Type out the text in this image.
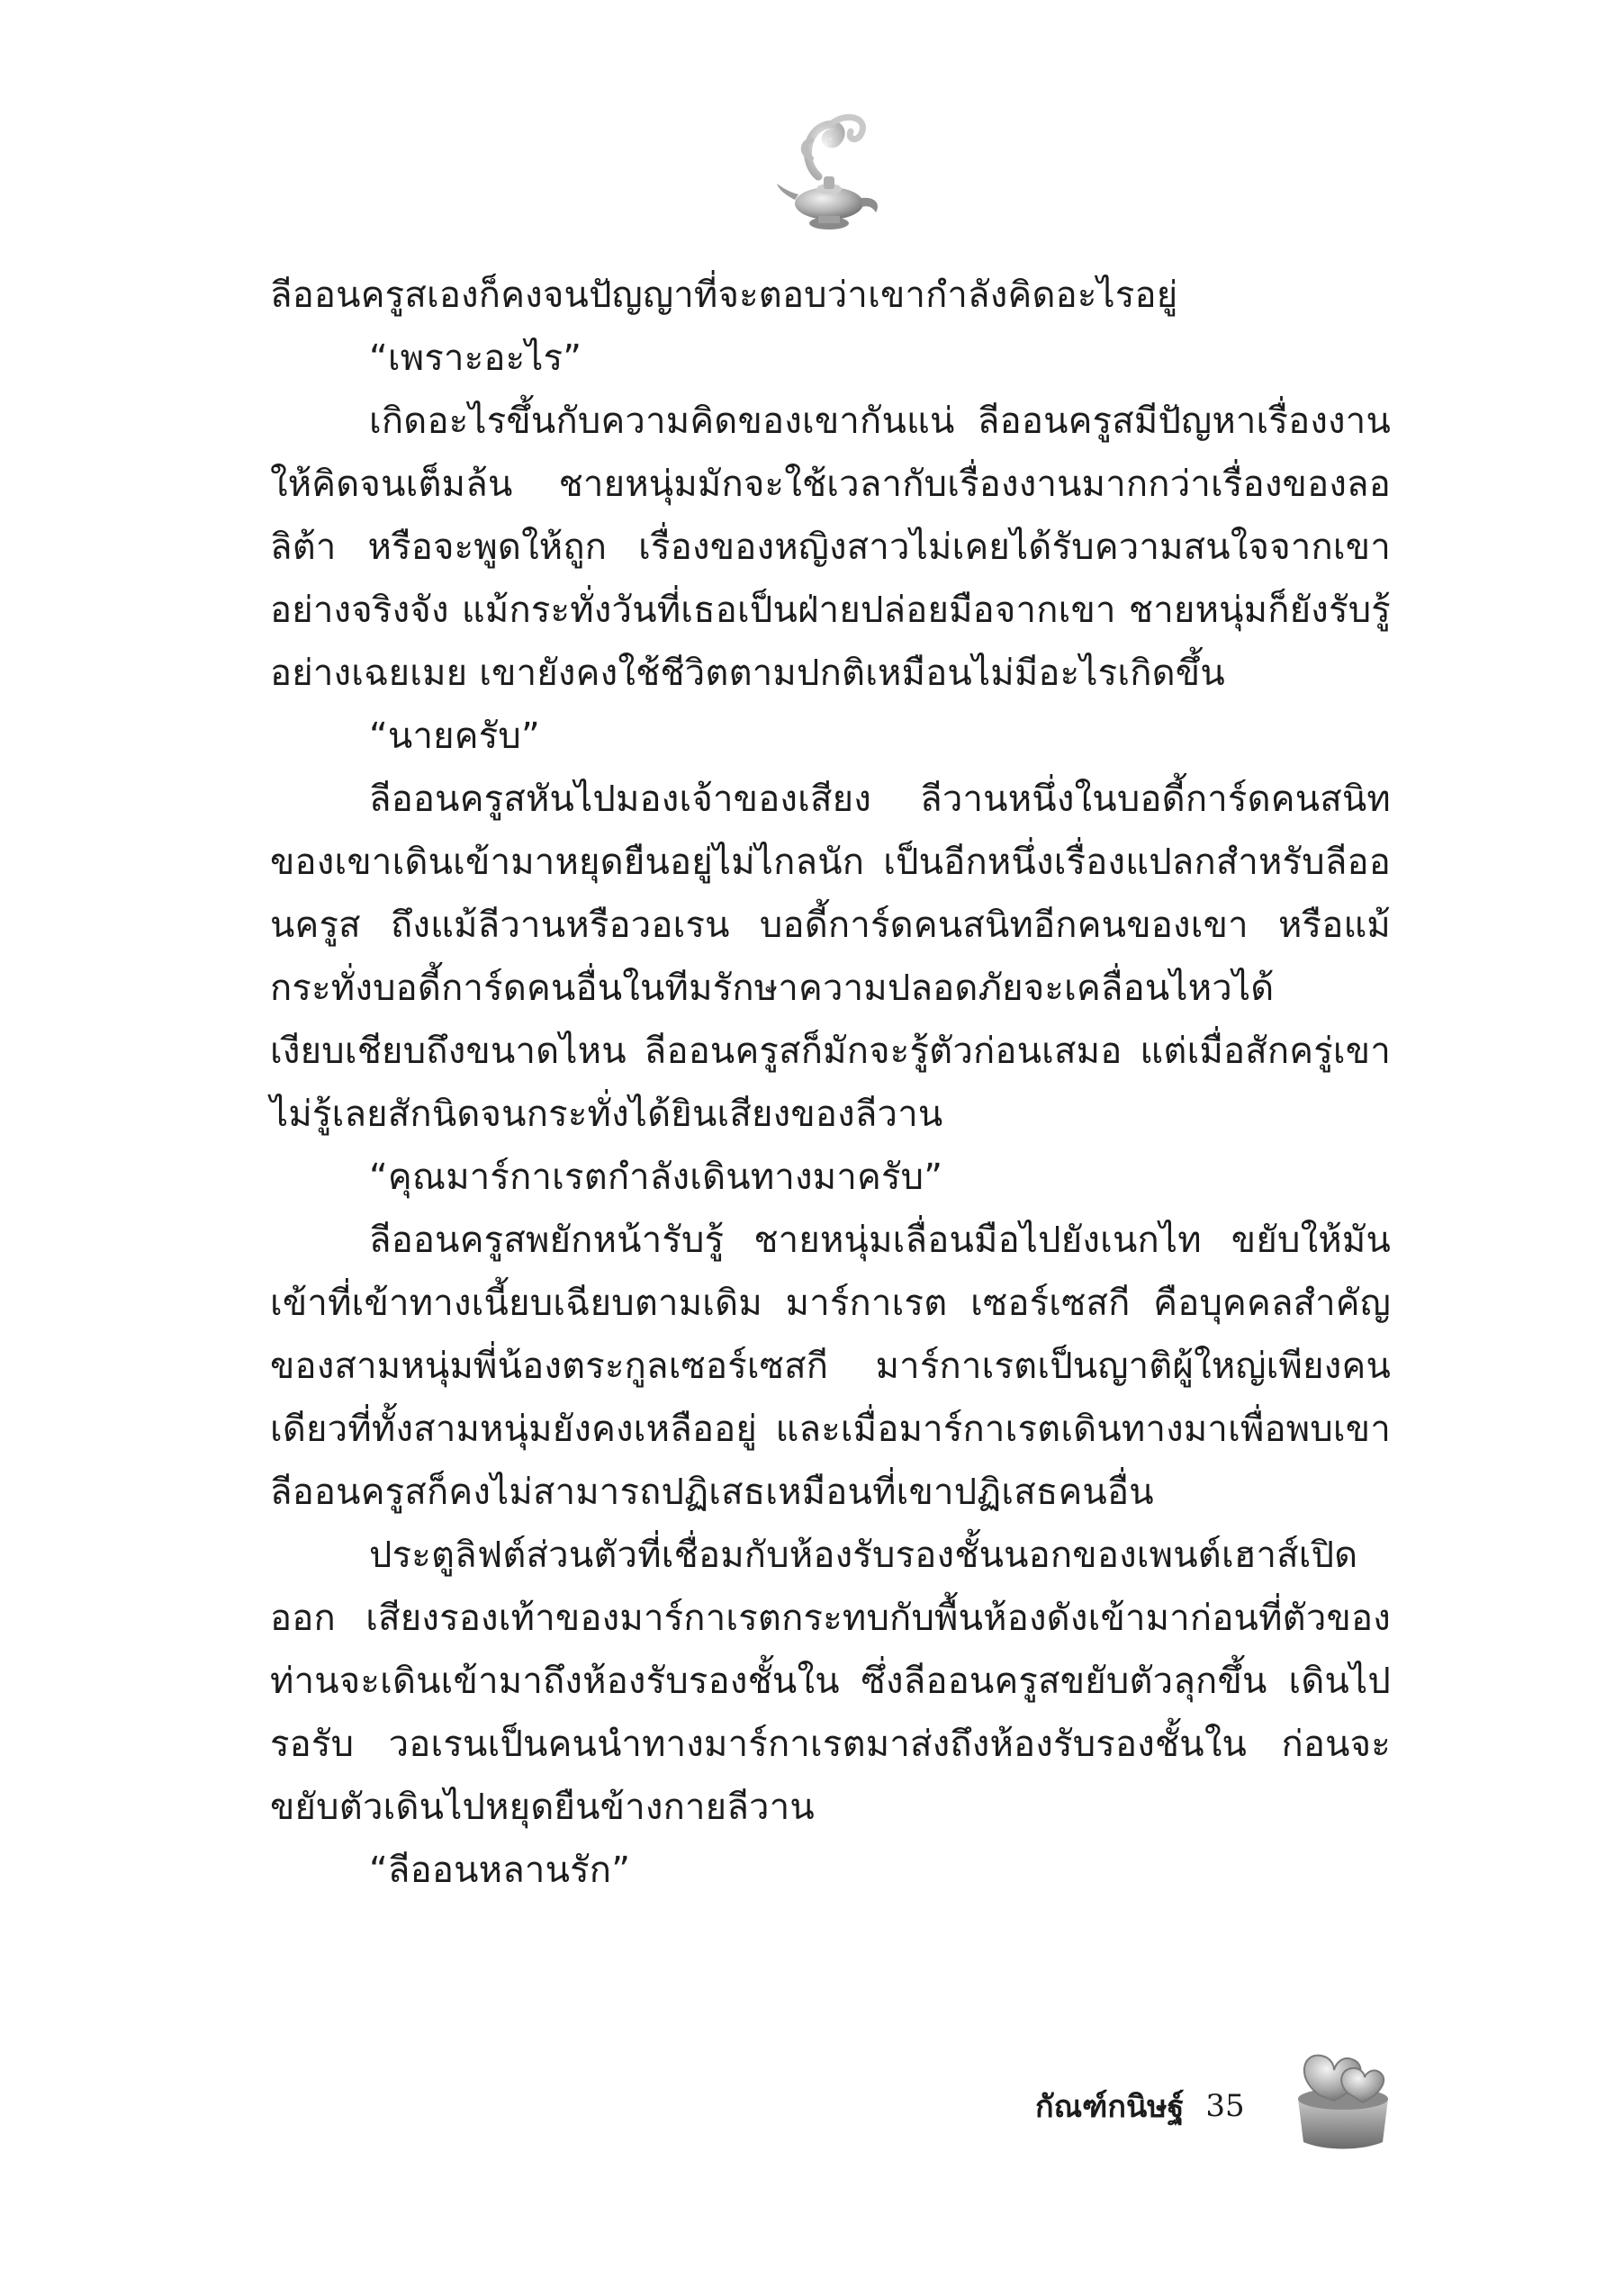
ลีออนครูสเองก็คงจนปัญญาที่จะตอบว่าเขากำลังคิดอะไรอยู่

“เพราะอะไร”

เกิดอะไรขึ้นกับความคิดของเขากันแน่ ลีออนครูสมีปัญหาเรื่องงานให้คิดจนเต็มล้น ชายหนุ่มมักจะใช้เวลากับเรื่องงานมากกว่าเรื่องของลอลิต้า หรือจะพูดให้ถูก เรื่องของหญิงสาวไม่เคยได้รับความสนใจจากเขาอย่างจริงจัง แม้กระทั่งวันที่เธอเป็นฝ่ายปล่อยมือจากเขา ชายหนุ่มก็ยังรับรู้อย่างเฉยเมย เขายังคงใช้ชีวิตตามปกติเหมือนไม่มีอะไรเกิดขึ้น

“นายครับ”

ลีออนครูสหันไปมองเจ้าของเสียง ลีวานหนึ่งในบอดี้การ์ดคนสนิทของเขาเดินเข้ามาหยุดยืนอยู่ไม่ไกลนัก เป็นอีกหนึ่งเรื่องแปลกสำหรับลีออนครูส ถึงแม้ลีวานหรือวอเรน บอดี้การ์ดคนสนิทอีกคนของเขา หรือแม้กระทั่งบอดี้การ์ดคนอื่นในทีมรักษาความปลอดภัยจะเคลื่อนไหวได้เงียบเชียบถึงขนาดไหน ลีออนครูสก็มักจะรู้ตัวก่อนเสมอ แต่เมื่อสักครู่เขาไม่รู้เลยสักนิดจนกระทั่งได้ยินเสียงของลีวาน

“คุณมาร์กาเรตกำลังเดินทางมาครับ”

ลีออนครูสพยักหน้ารับรู้ ชายหนุ่มเลื่อนมือไปยังเนกไท ขยับให้มันเข้าที่เข้าทางเนี้ยบเฉียบตามเดิม มาร์กาเรต เซอร์เซสกี คือบุคคลสำคัญของสามหนุ่มพี่น้องตระกูลเซอร์เซสกี มาร์กาเรตเป็นญาติผู้ใหญ่เพียงคนเดียวที่ทั้งสามหนุ่มยังคงเหลืออยู่ และเมื่อมาร์กาเรตเดินทางมาเพื่อพบเขา ลีออนครูสก็คงไม่สามารถปฏิเสธเหมือนที่เขาปฏิเสธคนอื่น

ประตูลิฟต์ส่วนตัวที่เชื่อมกับห้องรับรองชั้นนอกของเพนต์เฮาส์เปิดออก เสียงรองเท้าของมาร์กาเรตกระทบกับพื้นห้องดังเข้ามาก่อนที่ตัวของท่านจะเดินเข้ามาถึงห้องรับรองชั้นใน ซึ่งลีออนครูสขยับตัวลุกขึ้น เดินไปรอรับ วอเรนเป็นคนนำทางมาร์กาเรตมาส่งถึงห้องรับรองชั้นใน ก่อนจะขยับตัวเดินไปหยุดยืนข้างกายลีวาน

“ลีออนหลานรัก”

กัณฑ์กนิษฐ์ 35
